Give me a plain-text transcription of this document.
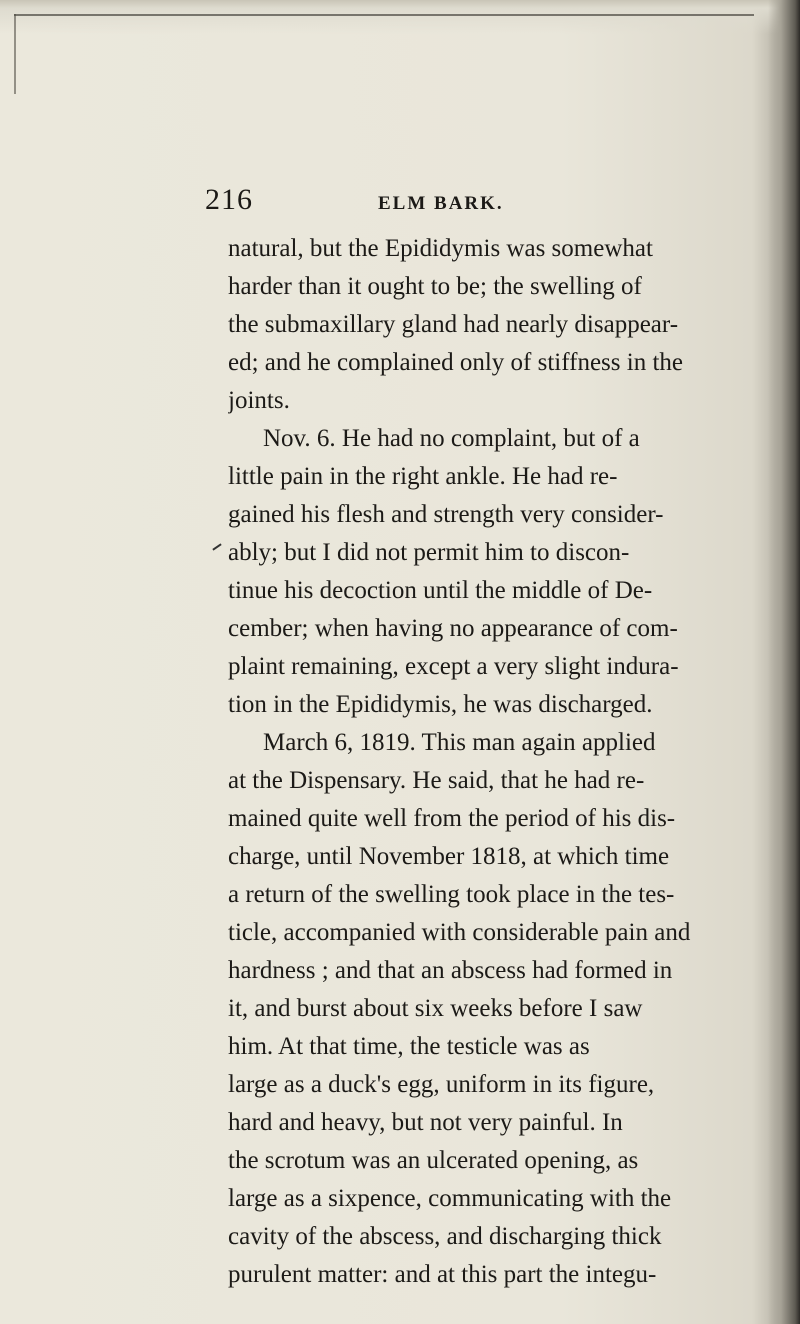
216	ELM BARK.
natural, but the Epididymis was somewhat
harder than it ought to be; the swelling of
the submaxillary gland had nearly disappear-
ed; and he complained only of stiffness in the
joints.
Nov. 6. He had no complaint, but of a
little pain in the right ankle. He had re-
gained his flesh and strength very consider-
ably; but I did not permit him to discon-
tinue his decoction until the middle of De-
cember; when having no appearance of com-
plaint remaining, except a very slight indura-
tion in the Epididymis, he was discharged.
March 6, 1819. This man again applied
at the Dispensary. He said, that he had re-
mained quite well from the period of his dis-
charge, until November 1818, at which time
a return of the swelling took place in the tes-
ticle, accompanied with considerable pain and
hardness ; and that an abscess had formed in
it, and burst about six weeks before I saw
him. At that time, the testicle was as
large as a duck's egg, uniform in its figure,
hard and heavy, but not very painful. In
the scrotum was an ulcerated opening, as
large as a sixpence, communicating with the
cavity of the abscess, and discharging thick
purulent matter: and at this part the integu-
